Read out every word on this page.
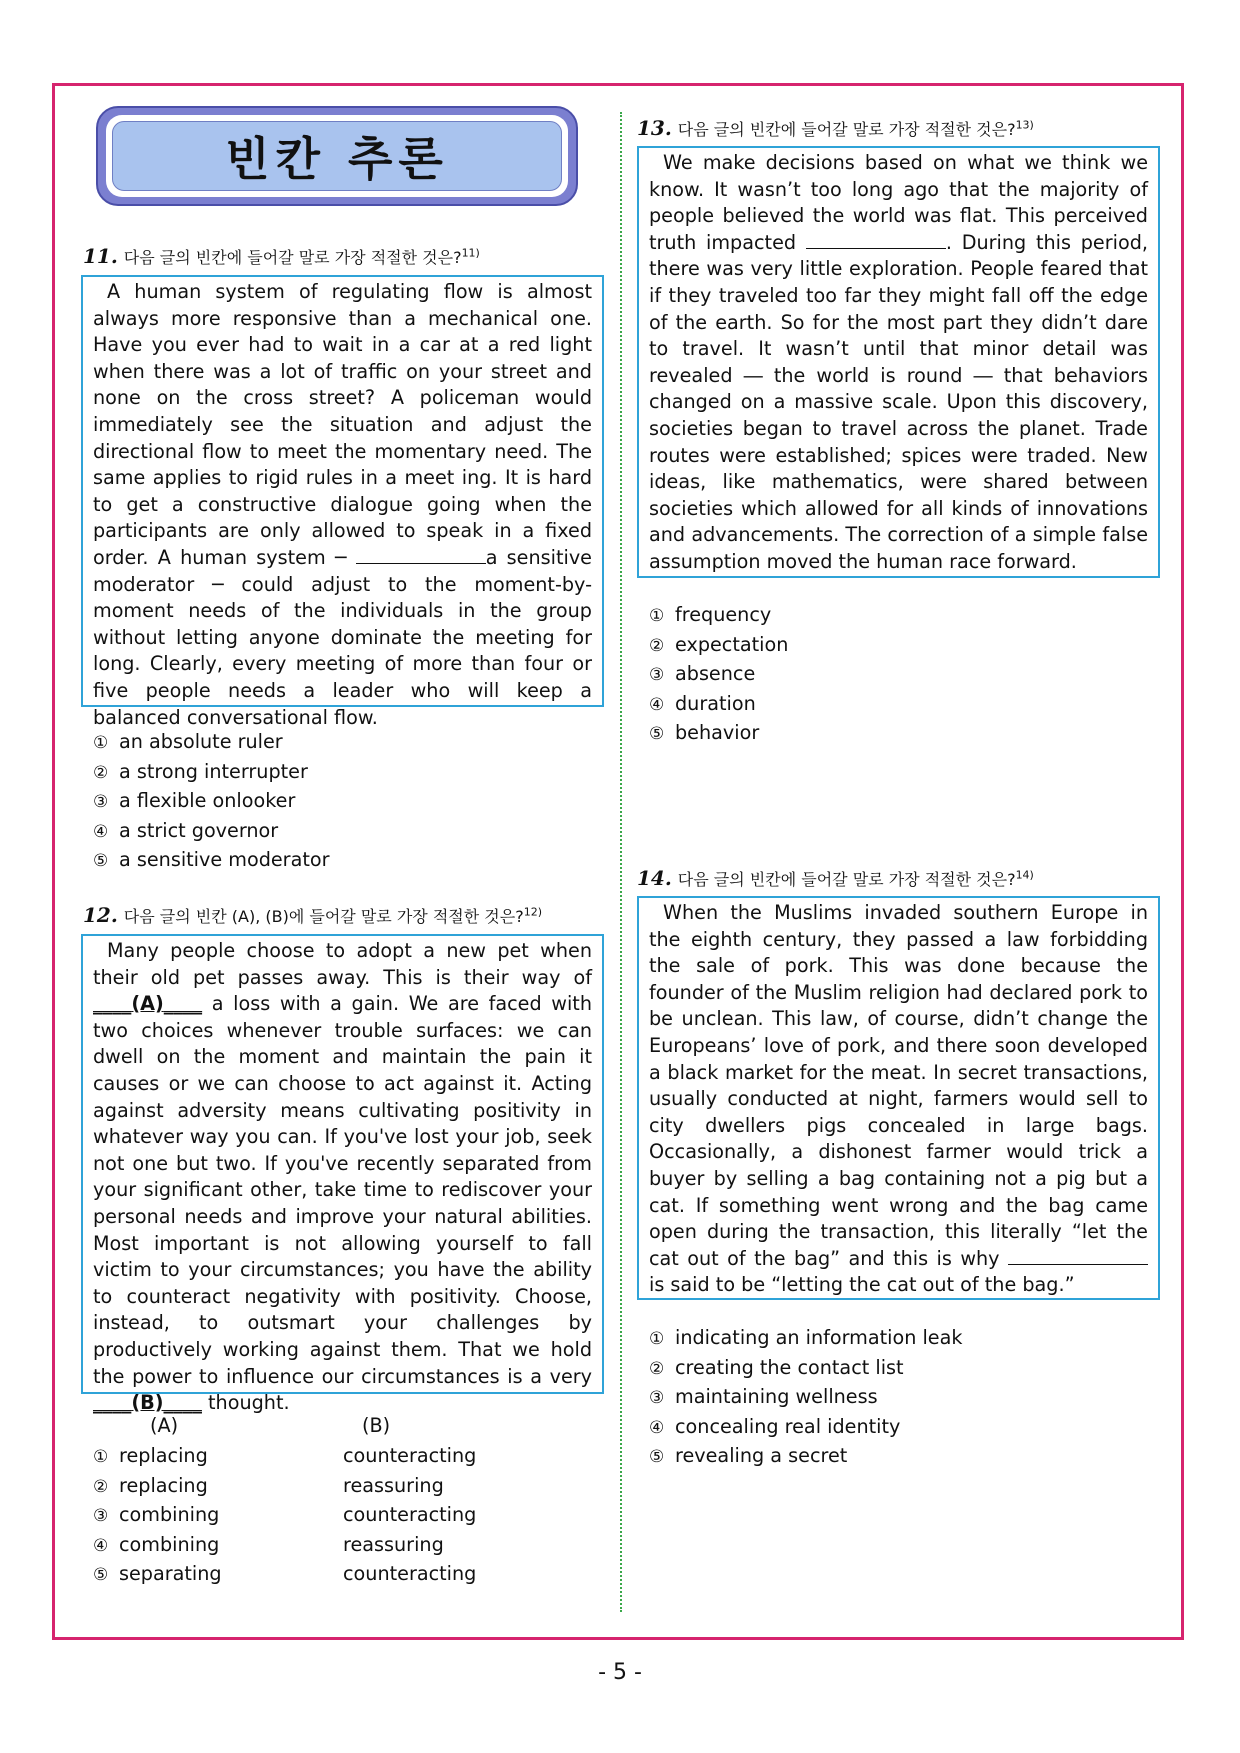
빈칸 추론
11. 다음 글의 빈칸에 들어갈 말로 가장 적절한 것은?$^{11)}$

A human system of regulating flow is almost always more responsive than a mechanical one. Have you ever had to wait in a car at a red light when there was a lot of traffic on your street and none on the cross street? A policeman would immediately see the situation and adjust the directional flow to meet the momentary need. The same applies to rigid rules in a meet ing. It is hard to get a constructive dialogue going when the participants are only allowed to speak in a fixed order. A human system ─	a sensitive moderator ─ could adjust to the moment-by-moment needs of the individuals in the group without letting anyone dominate the meeting for long. Clearly, every meeting of more than four or five people needs a leader who will keep a balanced conversational flow.

① an absolute ruler
② a strong interrupter
③ a flexible onlooker
④ a strict governor
⑤ a sensitive moderator
12. 다음 글의 빈칸 (A), (B)에 들어갈 말로 가장 적절한 것은?$^{12)}$

Many people choose to adopt a new pet when their old pet passes away. This is their way of ____(A)____ a loss with a gain. We are faced with two choices whenever trouble surfaces: we can dwell on the moment and maintain the pain it causes or we can choose to act against it. Acting against adversity means cultivating positivity in whatever way you can. If you've lost your job, seek not one but two. If you've recently separated from your significant other, take time to rediscover your personal needs and improve your natural abilities. Most important is not allowing yourself to fall victim to your circumstances; you have the ability to counteract negativity with positivity. Choose, instead, to outsmart your challenges by productively working against them. That we hold the power to influence our circumstances is a very ____(B)____ thought.

(A)	(B)
① replacing	counteracting
② replacing	reassuring
③ combining	counteracting
④ combining	reassuring
⑤ separating	counteracting
13. 다음 글의 빈칸에 들어갈 말로 가장 적절한 것은?$^{13)}$

We make decisions based on what we think we know. It wasn’t too long ago that the majority of people believed the world was flat. This perceived truth impacted	. During this period, there was very little exploration. People feared that if they traveled too far they might fall off the edge of the earth. So for the most part they didn’t dare to travel. It wasn’t until that minor detail was revealed ― the world is round ― that behaviors changed on a massive scale. Upon this discovery, societies began to travel across the planet. Trade routes were established; spices were traded. New ideas, like mathematics, were shared between societies which allowed for all kinds of innovations and advancements. The correction of a simple false assumption moved the human race forward.

① frequency
② expectation
③ absence
④ duration
⑤ behavior
14. 다음 글의 빈칸에 들어갈 말로 가장 적절한 것은?$^{14)}$

When the Muslims invaded southern Europe in the eighth century, they passed a law forbidding the sale of pork. This was done because the founder of the Muslim religion had declared pork to be unclean. This law, of course, didn’t change the Europeans’ love of pork, and there soon developed a black market for the meat. In secret transactions, usually conducted at night, farmers would sell to city dwellers pigs concealed in large bags. Occasionally, a dishonest farmer would trick a buyer by selling a bag containing not a pig but a cat. If something went wrong and the bag came open during the transaction, this literally “let the cat out of the bag” and this is why  is said to be “letting the cat out of the bag.”

① indicating an information leak
② creating the contact list
③ maintaining wellness
④ concealing real identity
⑤ revealing a secret
- 5 -
